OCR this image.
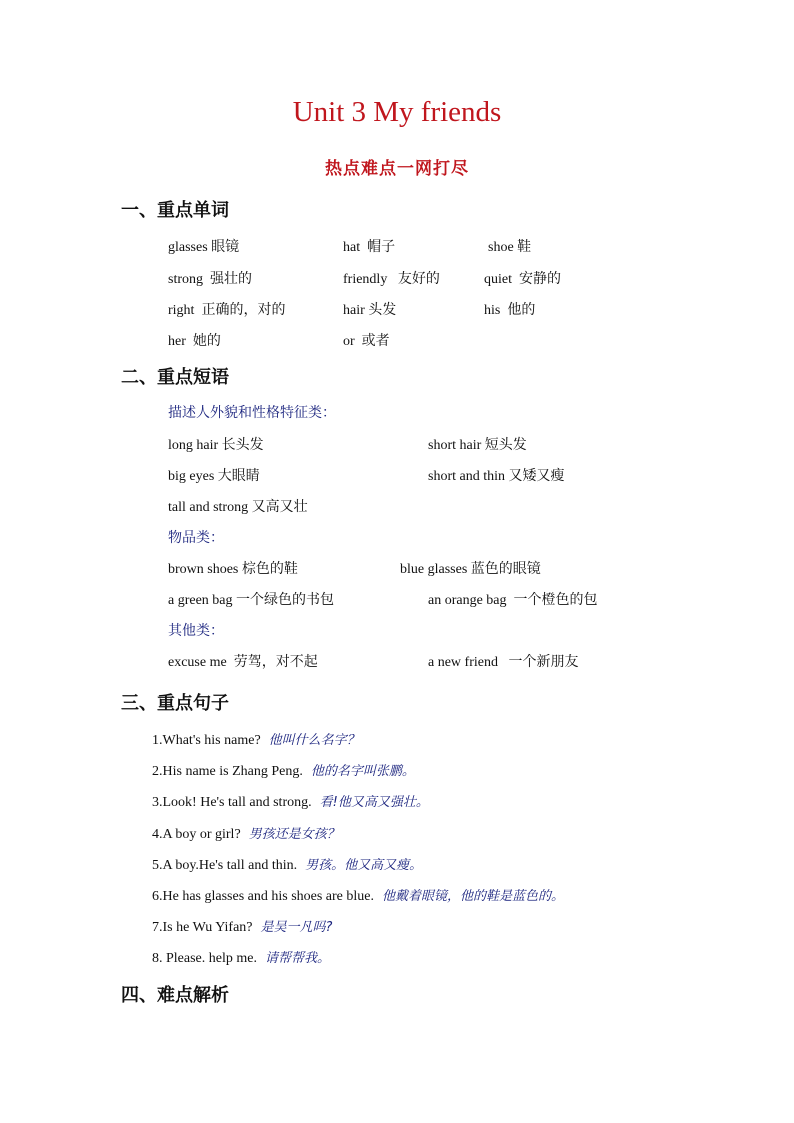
Unit 3 My friends
热点难点一网打尽
一、重点单词
glasses 眼镜	hat 帽子	shoe 鞋
strong 强壮的	friendly 友好的	quiet 安静的
right 正确的，对的	hair 头发	his 他的
her 她的	or 或者
二、重点短语
描述人外貌和性格特征类：
long hair 长头发	short hair 短头发
big eyes 大眼睛	short and thin 又矮又瘦
tall and strong 又高又壮
物品类：
brown shoes 棕色的鞋	blue glasses 蓝色的眼镜
a green bag 一个绿色的书包	an orange bag 一个橙色的包
其他类：
excuse me 劳驾，对不起	a new friend 一个新朋友
三、重点句子
1.What's his name? 他叫什么名字？
2.His name is Zhang Peng. 他的名字叫张鹏。
3.Look! He's tall and strong. 看!他又高又强壮。
4.A boy or girl? 男孩还是女孩？
5.A boy.He's tall and thin. 男孩。他又高又瘦。
6.He has glasses and his shoes are blue. 他戴着眼镜，他的鞋是蓝色的。
7.Is he Wu Yifan? 是吴一凡吗?
8. Please. help me. 请帮帮我。
四、难点解析
